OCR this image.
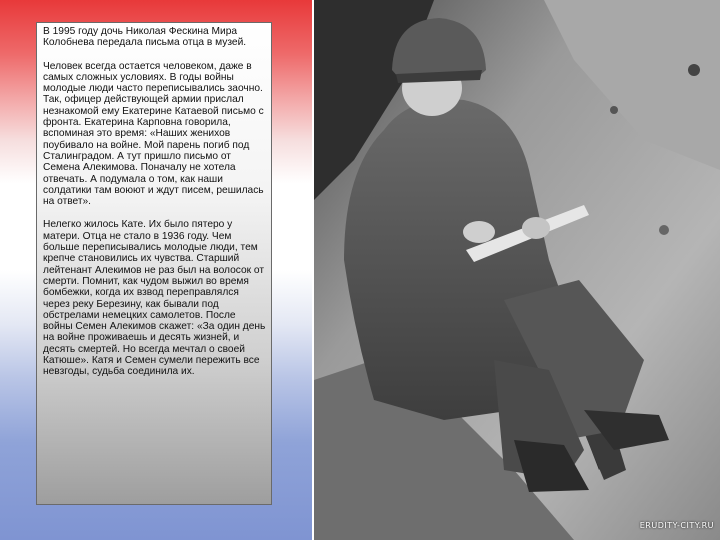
В 1995 году дочь Николая Фескина Мира Колобнева передала письма отца в музей.

Человек всегда остается человеком, даже в самых сложных условиях. В годы войны молодые люди часто переписывались заочно. Так, офицер действующей армии прислал незнакомой ему Екатерине Катаевой письмо с фронта. Екатерина Карповна говорила, вспоминая это время: «Наших женихов поубивало на войне. Мой парень погиб под Сталинградом. А тут пришло письмо от Семена Алекимова. Поначалу не хотела отвечать. А подумала о том, как наши солдатики там воюют и ждут писем, решилась на ответ».

Нелегко жилось Кате. Их было пятеро у матери. Отца не стало в 1936 году. Чем больше переписывались молодые люди, тем крепче становились их чувства. Старший лейтенант Алекимов не раз был на волосок от смерти. Помнит, как чудом выжил во время бомбежки, когда их взвод переправлялся через реку Березину, как бывали под обстрелами немецких самолетов. После войны Семен Алекимов скажет: «За один день на войне проживаешь и десять жизней, и десять смертей. Но всегда мечтал о своей Катюше». Катя и Семен сумели пережить все невзгоды, судьба соединила их.

ERUDITY-CITY.RU
